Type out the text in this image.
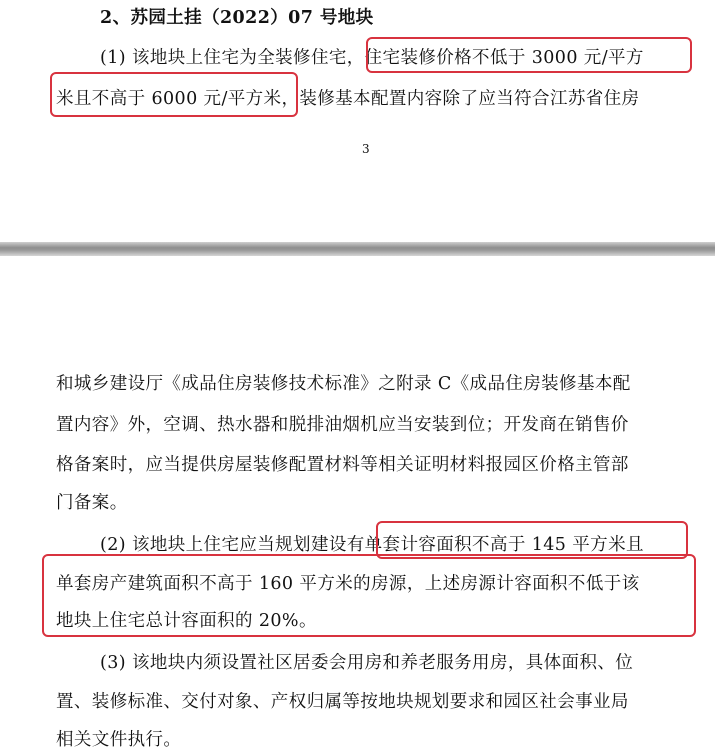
2、苏园土挂（2022）07 号地块
(1) 该地块上住宅为全装修住宅，住宅装修价格不低于 3000 元/平方
米且不高于 6000 元/平方米，装修基本配置内容除了应当符合江苏省住房
3
和城乡建设厅《成品住房装修技术标准》之附录 C《成品住房装修基本配
置内容》外，空调、热水器和脱排油烟机应当安装到位；开发商在销售价
格备案时，应当提供房屋装修配置材料等相关证明材料报园区价格主管部
门备案。
(2) 该地块上住宅应当规划建设有单套计容面积不高于 145 平方米且
单套房产建筑面积不高于 160 平方米的房源，上述房源计容面积不低于该
地块上住宅总计容面积的 20%。
(3) 该地块内须设置社区居委会用房和养老服务用房，具体面积、位
置、装修标准、交付对象、产权归属等按地块规划要求和园区社会事业局
相关文件执行。
